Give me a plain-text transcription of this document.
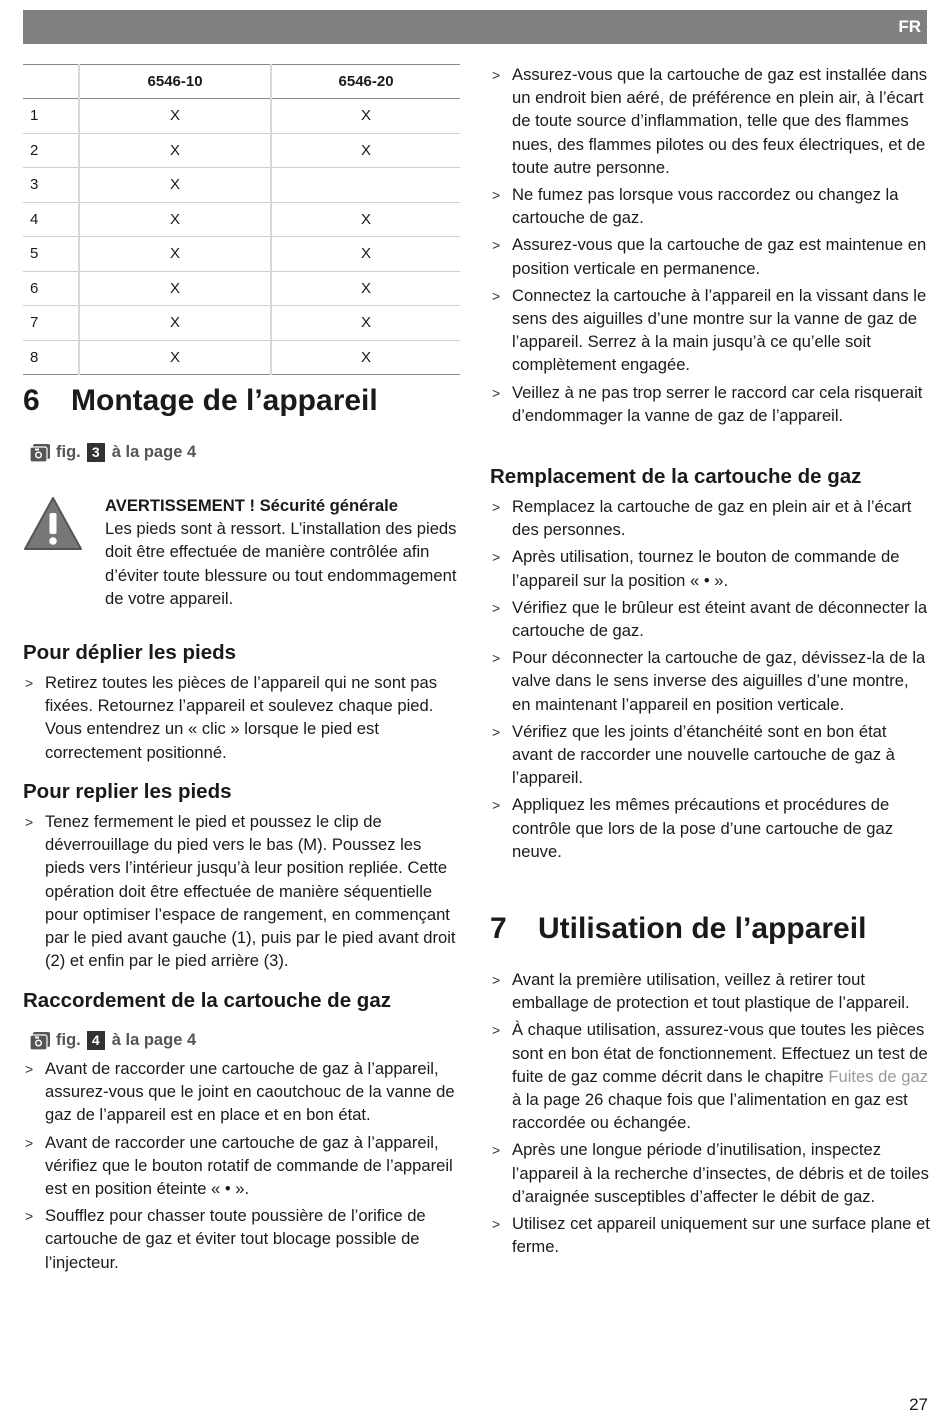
FR
	6546-10	6546-20
1	X	X
2	X	X
3	X	
4	X	X
5	X	X
6	X	X
7	X	X
8	X	X
6 Montage de l’appareil
fig. 3 à la page 4
AVERTISSEMENT ! Sécurité générale
Les pieds sont à ressort. L’installation des pieds doit être effectuée de manière contrôlée afin d’éviter toute blessure ou tout endommagement de votre appareil.
Pour déplier les pieds
> Retirez toutes les pièces de l’appareil qui ne sont pas fixées. Retournez l’appareil et soulevez chaque pied. Vous entendrez un « clic » lorsque le pied est correctement positionné.
Pour replier les pieds
> Tenez fermement le pied et poussez le clip de déverrouillage du pied vers le bas (M). Poussez les pieds vers l’intérieur jusqu’à leur position repliée. Cette opération doit être effectuée de manière séquentielle pour optimiser l’espace de rangement, en commençant par le pied avant gauche (1), puis par le pied avant droit (2) et enfin par le pied arrière (3).
Raccordement de la cartouche de gaz
fig. 4 à la page 4
> Avant de raccorder une cartouche de gaz à l’appareil, assurez-vous que le joint en caoutchouc de la vanne de gaz de l’appareil est en place et en bon état.
> Avant de raccorder une cartouche de gaz à l’appareil, vérifiez que le bouton rotatif de commande de l’appareil est en position éteinte « • ».
> Soufflez pour chasser toute poussière de l’orifice de cartouche de gaz et éviter tout blocage possible de l’injecteur.
> Assurez-vous que la cartouche de gaz est installée dans un endroit bien aéré, de préférence en plein air, à l’écart de toute source d’inflammation, telle que des flammes nues, des flammes pilotes ou des feux électriques, et de toute autre personne.
> Ne fumez pas lorsque vous raccordez ou changez la cartouche de gaz.
> Assurez-vous que la cartouche de gaz est maintenue en position verticale en permanence.
> Connectez la cartouche à l’appareil en la vissant dans le sens des aiguilles d’une montre sur la vanne de gaz de l’appareil. Serrez à la main jusqu’à ce qu’elle soit complètement engagée.
> Veillez à ne pas trop serrer le raccord car cela risquerait d’endommager la vanne de gaz de l’appareil.
Remplacement de la cartouche de gaz
> Remplacez la cartouche de gaz en plein air et à l’écart des personnes.
> Après utilisation, tournez le bouton de commande de l’appareil sur la position « • ».
> Vérifiez que le brûleur est éteint avant de déconnecter la cartouche de gaz.
> Pour déconnecter la cartouche de gaz, dévissez-la de la valve dans le sens inverse des aiguilles d’une montre, en maintenant l’appareil en position verticale.
> Vérifiez que les joints d’étanchéité sont en bon état avant de raccorder une nouvelle cartouche de gaz à l’appareil.
> Appliquez les mêmes précautions et procédures de contrôle que lors de la pose d’une cartouche de gaz neuve.
7 Utilisation de l’appareil
> Avant la première utilisation, veillez à retirer tout emballage de protection et tout plastique de l’appareil.
> À chaque utilisation, assurez-vous que toutes les pièces sont en bon état de fonctionnement. Effectuez un test de fuite de gaz comme décrit dans le chapitre Fuites de gaz à la page 26 chaque fois que l’alimentation en gaz est raccordée ou échangée.
> Après une longue période d’inutilisation, inspectez l’appareil à la recherche d’insectes, de débris et de toiles d’araignée susceptibles d’affecter le débit de gaz.
> Utilisez cet appareil uniquement sur une surface plane et ferme.
27
